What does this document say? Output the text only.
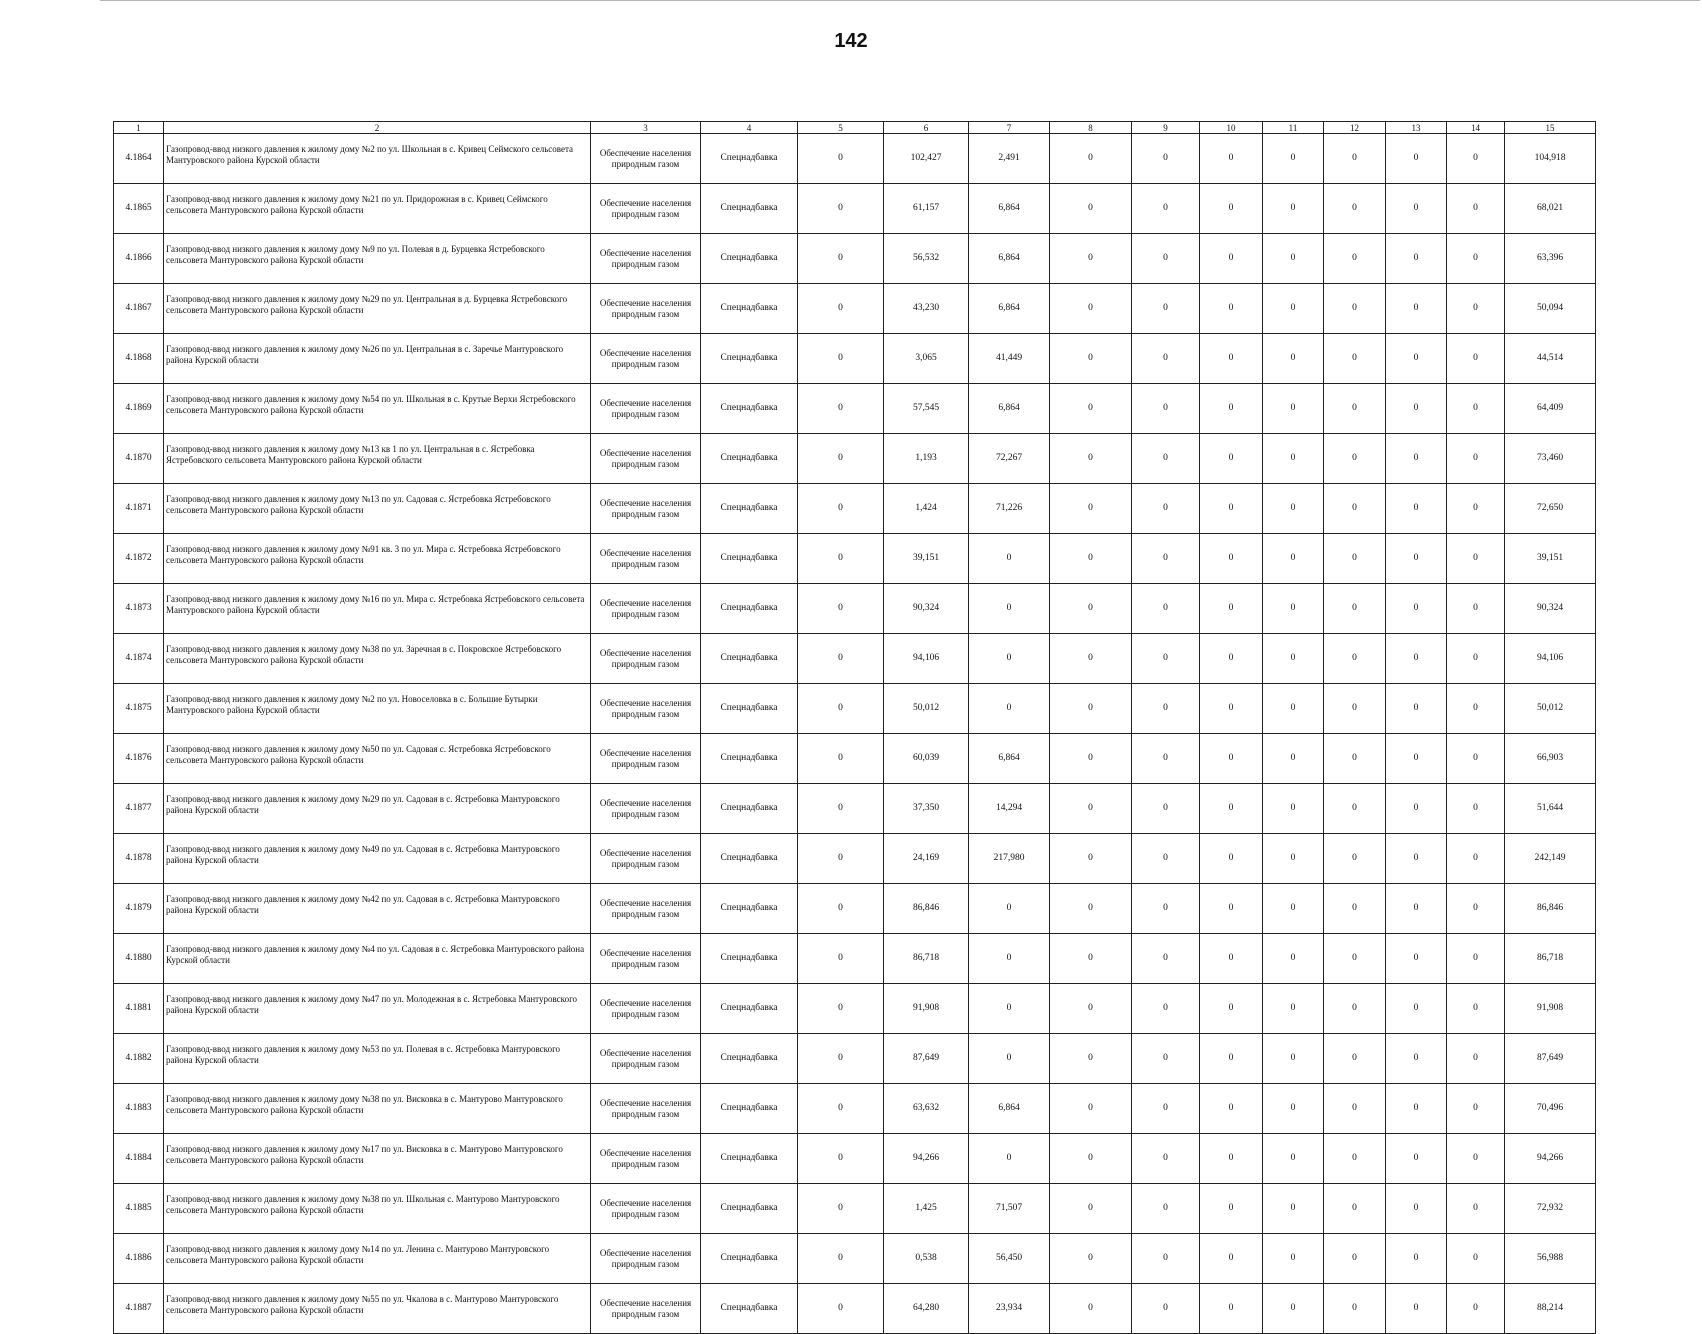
142
1	2	3	4	5	6	7	8	9	10	11	12	13	14	15
4.1864	Газопровод-ввод низкого давления к жилому дому №2 по ул. Школьная в с. Кривец Сеймского сельсовета Мантуровского района Курской области	Обеспечение населения природным газом	Спецнадбавка	0	102,427	2,491	0	0	0	0	0	0	0	104,918
4.1865	Газопровод-ввод низкого давления к жилому дому №21 по ул. Придорожная в с. Кривец Сеймского сельсовета Мантуровского района Курской области	Обеспечение населения природным газом	Спецнадбавка	0	61,157	6,864	0	0	0	0	0	0	0	68,021
4.1866	Газопровод-ввод низкого давления к жилому дому №9 по ул. Полевая в д. Бурцевка Ястребовского сельсовета Мантуровского района Курской области	Обеспечение населения природным газом	Спецнадбавка	0	56,532	6,864	0	0	0	0	0	0	0	63,396
4.1867	Газопровод-ввод низкого давления к жилому дому №29 по ул. Центральная в д. Бурцевка Ястребовского сельсовета Мантуровского района Курской области	Обеспечение населения природным газом	Спецнадбавка	0	43,230	6,864	0	0	0	0	0	0	0	50,094
4.1868	Газопровод-ввод низкого давления к жилому дому №26 по ул. Центральная в с. Заречье Мантуровского района Курской области	Обеспечение населения природным газом	Спецнадбавка	0	3,065	41,449	0	0	0	0	0	0	0	44,514
4.1869	Газопровод-ввод низкого давления к жилому дому №54 по ул. Школьная в с. Крутые Верхи Ястребовского сельсовета Мантуровского района Курской области	Обеспечение населения природным газом	Спецнадбавка	0	57,545	6,864	0	0	0	0	0	0	0	64,409
4.1870	Газопровод-ввод низкого давления к жилому дому №13 кв 1 по ул. Центральная в с. Ястребовка Ястребовского сельсовета Мантуровского района Курской области	Обеспечение населения природным газом	Спецнадбавка	0	1,193	72,267	0	0	0	0	0	0	0	73,460
4.1871	Газопровод-ввод низкого давления к жилому дому №13 по ул. Садовая с. Ястребовка Ястребовского сельсовета Мантуровского района Курской области	Обеспечение населения природным газом	Спецнадбавка	0	1,424	71,226	0	0	0	0	0	0	0	72,650
4.1872	Газопровод-ввод низкого давления к жилому дому №91 кв. 3 по ул. Мира с. Ястребовка Ястребовского сельсовета Мантуровского района Курской области	Обеспечение населения природным газом	Спецнадбавка	0	39,151	0	0	0	0	0	0	0	0	39,151
4.1873	Газопровод-ввод низкого давления к жилому дому №16 по ул. Мира с. Ястребовка Ястребовского сельсовета Мантуровского района Курской области	Обеспечение населения природным газом	Спецнадбавка	0	90,324	0	0	0	0	0	0	0	0	90,324
4.1874	Газопровод-ввод низкого давления к жилому дому №38 по ул. Заречная в с. Покровское Ястребовского сельсовета Мантуровского района Курской области	Обеспечение населения природным газом	Спецнадбавка	0	94,106	0	0	0	0	0	0	0	0	94,106
4.1875	Газопровод-ввод низкого давления к жилому дому №2 по ул. Новоселовка в с. Большие Бутырки Мантуровского района Курской области	Обеспечение населения природным газом	Спецнадбавка	0	50,012	0	0	0	0	0	0	0	0	50,012
4.1876	Газопровод-ввод низкого давления к жилому дому №50 по ул. Садовая с. Ястребовка Ястребовского сельсовета Мантуровского района Курской области	Обеспечение населения природным газом	Спецнадбавка	0	60,039	6,864	0	0	0	0	0	0	0	66,903
4.1877	Газопровод-ввод низкого давления к жилому дому №29 по ул. Садовая в с. Ястребовка Мантуровского района Курской области	Обеспечение населения природным газом	Спецнадбавка	0	37,350	14,294	0	0	0	0	0	0	0	51,644
4.1878	Газопровод-ввод низкого давления к жилому дому №49 по ул. Садовая в с. Ястребовка Мантуровского района Курской области	Обеспечение населения природным газом	Спецнадбавка	0	24,169	217,980	0	0	0	0	0	0	0	242,149
4.1879	Газопровод-ввод низкого давления к жилому дому №42 по ул. Садовая в с. Ястребовка Мантуровского района Курской области	Обеспечение населения природным газом	Спецнадбавка	0	86,846	0	0	0	0	0	0	0	0	86,846
4.1880	Газопровод-ввод низкого давления к жилому дому №4 по ул. Садовая в с. Ястребовка Мантуровского района Курской области	Обеспечение населения природным газом	Спецнадбавка	0	86,718	0	0	0	0	0	0	0	0	86,718
4.1881	Газопровод-ввод низкого давления к жилому дому №47 по ул. Молодежная в с. Ястребовка Мантуровского района Курской области	Обеспечение населения природным газом	Спецнадбавка	0	91,908	0	0	0	0	0	0	0	0	91,908
4.1882	Газопровод-ввод низкого давления к жилому дому №53 по ул. Полевая в с. Ястребовка Мантуровского района Курской области	Обеспечение населения природным газом	Спецнадбавка	0	87,649	0	0	0	0	0	0	0	0	87,649
4.1883	Газопровод-ввод низкого давления к жилому дому №38 по ул. Висковка в с. Мантурово Мантуровского сельсовета Мантуровского района Курской области	Обеспечение населения природным газом	Спецнадбавка	0	63,632	6,864	0	0	0	0	0	0	0	70,496
4.1884	Газопровод-ввод низкого давления к жилому дому №17 по ул. Висковка в с. Мантурово Мантуровского сельсовета Мантуровского района Курской области	Обеспечение населения природным газом	Спецнадбавка	0	94,266	0	0	0	0	0	0	0	0	94,266
4.1885	Газопровод-ввод низкого давления к жилому дому №38 по ул. Школьная с. Мантурово Мантуровского сельсовета Мантуровского района Курской области	Обеспечение населения природным газом	Спецнадбавка	0	1,425	71,507	0	0	0	0	0	0	0	72,932
4.1886	Газопровод-ввод низкого давления к жилому дому №14 по ул. Ленина с. Мантурово Мантуровского сельсовета Мантуровского района Курской области	Обеспечение населения природным газом	Спецнадбавка	0	0,538	56,450	0	0	0	0	0	0	0	56,988
4.1887	Газопровод-ввод низкого давления к жилому дому №55 по ул. Чкалова в с. Мантурово Мантуровского сельсовета Мантуровского района Курской области	Обеспечение населения природным газом	Спецнадбавка	0	64,280	23,934	0	0	0	0	0	0	0	88,214
